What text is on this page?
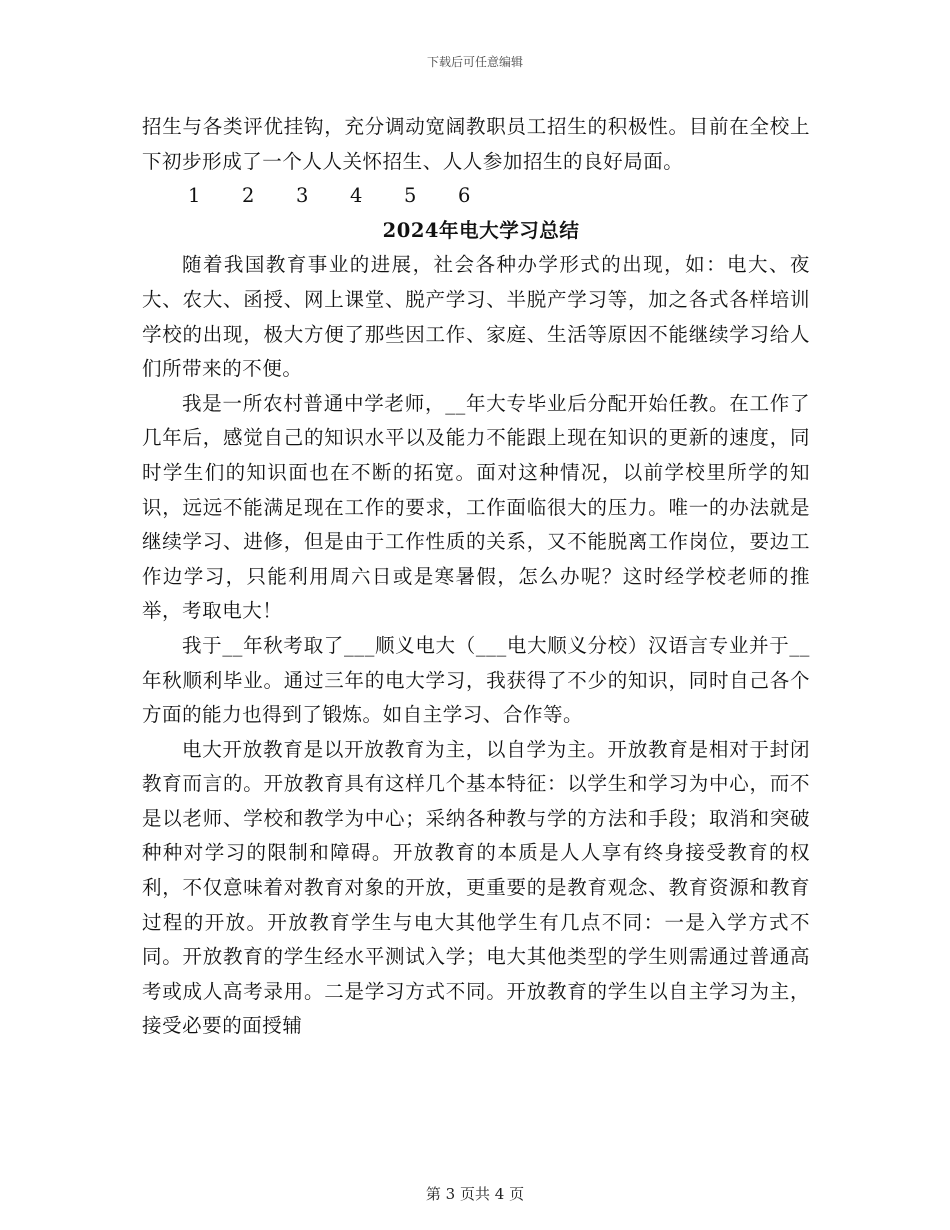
下载后可任意编辑

招生与各类评优挂钩，充分调动宽阔教职员工招生的积极性。目前在全校上下初步形成了一个人人关怀招生、人人参加招生的良好局面。

1 2 3 4 5 6

2024年电大学习总结

随着我国教育事业的进展，社会各种办学形式的出现，如：电大、夜大、农大、函授、网上课堂、脱产学习、半脱产学习等，加之各式各样培训学校的出现，极大方便了那些因工作、家庭、生活等原因不能继续学习给人们所带来的不便。

我是一所农村普通中学老师，__年大专毕业后分配开始任教。在工作了几年后，感觉自己的知识水平以及能力不能跟上现在知识的更新的速度，同时学生们的知识面也在不断的拓宽。面对这种情况，以前学校里所学的知识，远远不能满足现在工作的要求，工作面临很大的压力。唯一的办法就是继续学习、进修，但是由于工作性质的关系，又不能脱离工作岗位，要边工作边学习，只能利用周六日或是寒暑假，怎么办呢？这时经学校老师的推举，考取电大！

我于__年秋考取了___顺义电大（___电大顺义分校）汉语言专业并于__年秋顺利毕业。通过三年的电大学习，我获得了不少的知识，同时自己各个方面的能力也得到了锻炼。如自主学习、合作等。

电大开放教育是以开放教育为主，以自学为主。开放教育是相对于封闭教育而言的。开放教育具有这样几个基本特征：以学生和学习为中心，而不是以老师、学校和教学为中心；采纳各种教与学的方法和手段；取消和突破种种对学习的限制和障碍。开放教育的本质是人人享有终身接受教育的权利，不仅意味着对教育对象的开放，更重要的是教育观念、教育资源和教育过程的开放。开放教育学生与电大其他学生有几点不同：一是入学方式不同。开放教育的学生经水平测试入学；电大其他类型的学生则需通过普通高考或成人高考录用。二是学习方式不同。开放教育的学生以自主学习为主，接受必要的面授辅

第 3 页共 4 页
